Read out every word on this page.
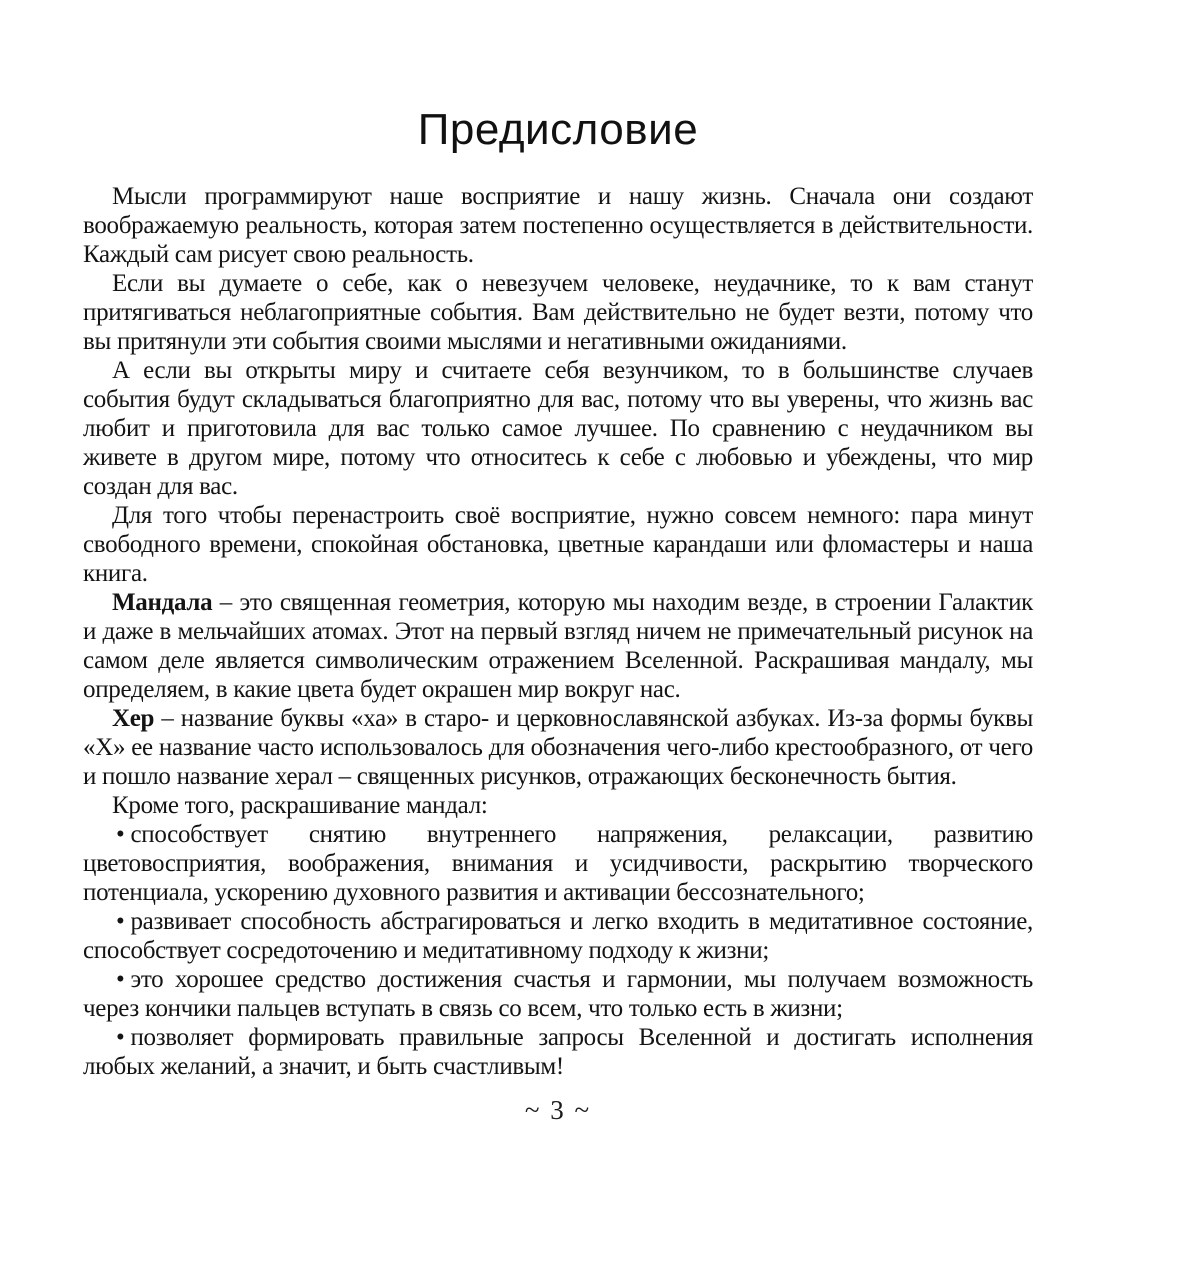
Предисловие

Мысли программируют наше восприятие и нашу жизнь. Сначала они создают воображаемую реальность, которая затем постепенно осуществляется в действительности. Каждый сам рисует свою реальность.

Если вы думаете о себе, как о невезучем человеке, неудачнике, то к вам станут притягиваться неблагоприятные события. Вам действительно не будет везти, потому что вы притянули эти события своими мыслями и негативными ожиданиями.

А если вы открыты миру и считаете себя везунчиком, то в большинстве случаев события будут складываться благоприятно для вас, потому что вы уверены, что жизнь вас любит и приготовила для вас только самое лучшее. По сравнению с неудачником вы живете в другом мире, потому что относитесь к себе с любовью и убеждены, что мир создан для вас.

Для того чтобы перенастроить своё восприятие, нужно совсем немного: пара минут свободного времени, спокойная обстановка, цветные карандаши или фломастеры и наша книга.

Мандала – это священная геометрия, которую мы находим везде, в строении Галактик и даже в мельчайших атомах. Этот на первый взгляд ничем не примечательный рисунок на самом деле является символическим отражением Вселенной. Раскрашивая мандалу, мы определяем, в какие цвета будет окрашен мир вокруг нас.

Хер – название буквы «ха» в старо- и церковнославянской азбуках. Из-за формы буквы «Х» ее название часто использовалось для обозначения чего-либо крестообразного, от чего и пошло название херал – священных рисунков, отражающих бесконечность бытия.

Кроме того, раскрашивание мандал:

• способствует снятию внутреннего напряжения, релаксации, развитию цветовосприятия, воображения, внимания и усидчивости, раскрытию творческого потенциала, ускорению духовного развития и активации бессознательного;

• развивает способность абстрагироваться и легко входить в медитативное состояние, способствует сосредоточению и медитативному подходу к жизни;

• это хорошее средство достижения счастья и гармонии, мы получаем возможность через кончики пальцев вступать в связь со всем, что только есть в жизни;

• позволяет формировать правильные запросы Вселенной и достигать исполнения любых желаний, а значит, и быть счастливым!

~ 3 ~
